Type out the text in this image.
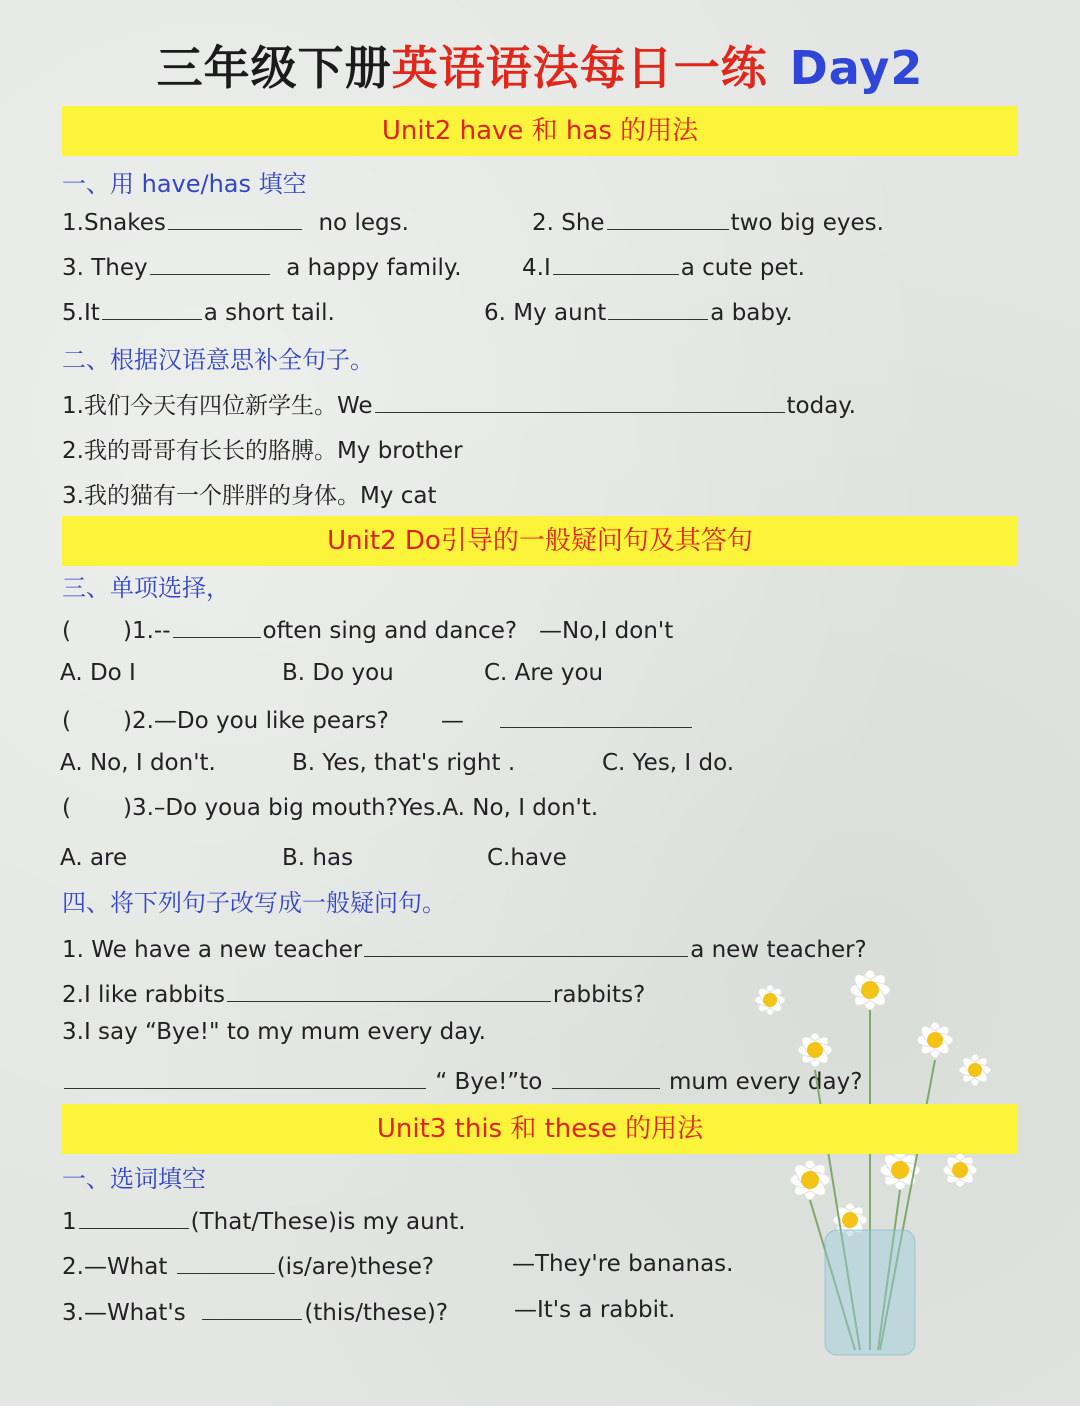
三年级下册英语语法每日一练 Day2
Unit2 have 和 has 的用法
一、用 have/has 填空
1.Snakes	no legs.	2. She	two big eyes.
3. They	a happy family.	4.I	a cute pet.
5.It	a short tail.	6. My aunt	a baby.
二、根据汉语意思补全句子。
1.我们今天有四位新学生。We	today.
2.我的哥哥有长长的胳膊。My brother
3.我的猫有一个胖胖的身体。My cat
Unit2 Do引导的一般疑问句及其答句
三、单项选择，
( )1.--	often sing and dance? —No,I don't
A. Do I	B. Do you	C. Are you
( )2.—Do you like pears? —
A. No, I don't.	B. Yes, that's right .	C. Yes, I do.
( )3.–Do youa big mouth?Yes.A. No, I don't.
A. are	B. has	C.have
四、将下列句子改写成一般疑问句。
1. We have a new teacher	a new teacher?
2.I like rabbits	rabbits?
3.I say “Bye!" to my mum every day.
“ Bye!”to	mum every day?
Unit3 this 和 these 的用法
一、选词填空
1	(That/These)is my aunt.
2.—What	(is/are)these?	—They're bananas.
3.—What's	(this/these)?	—It's a rabbit.
